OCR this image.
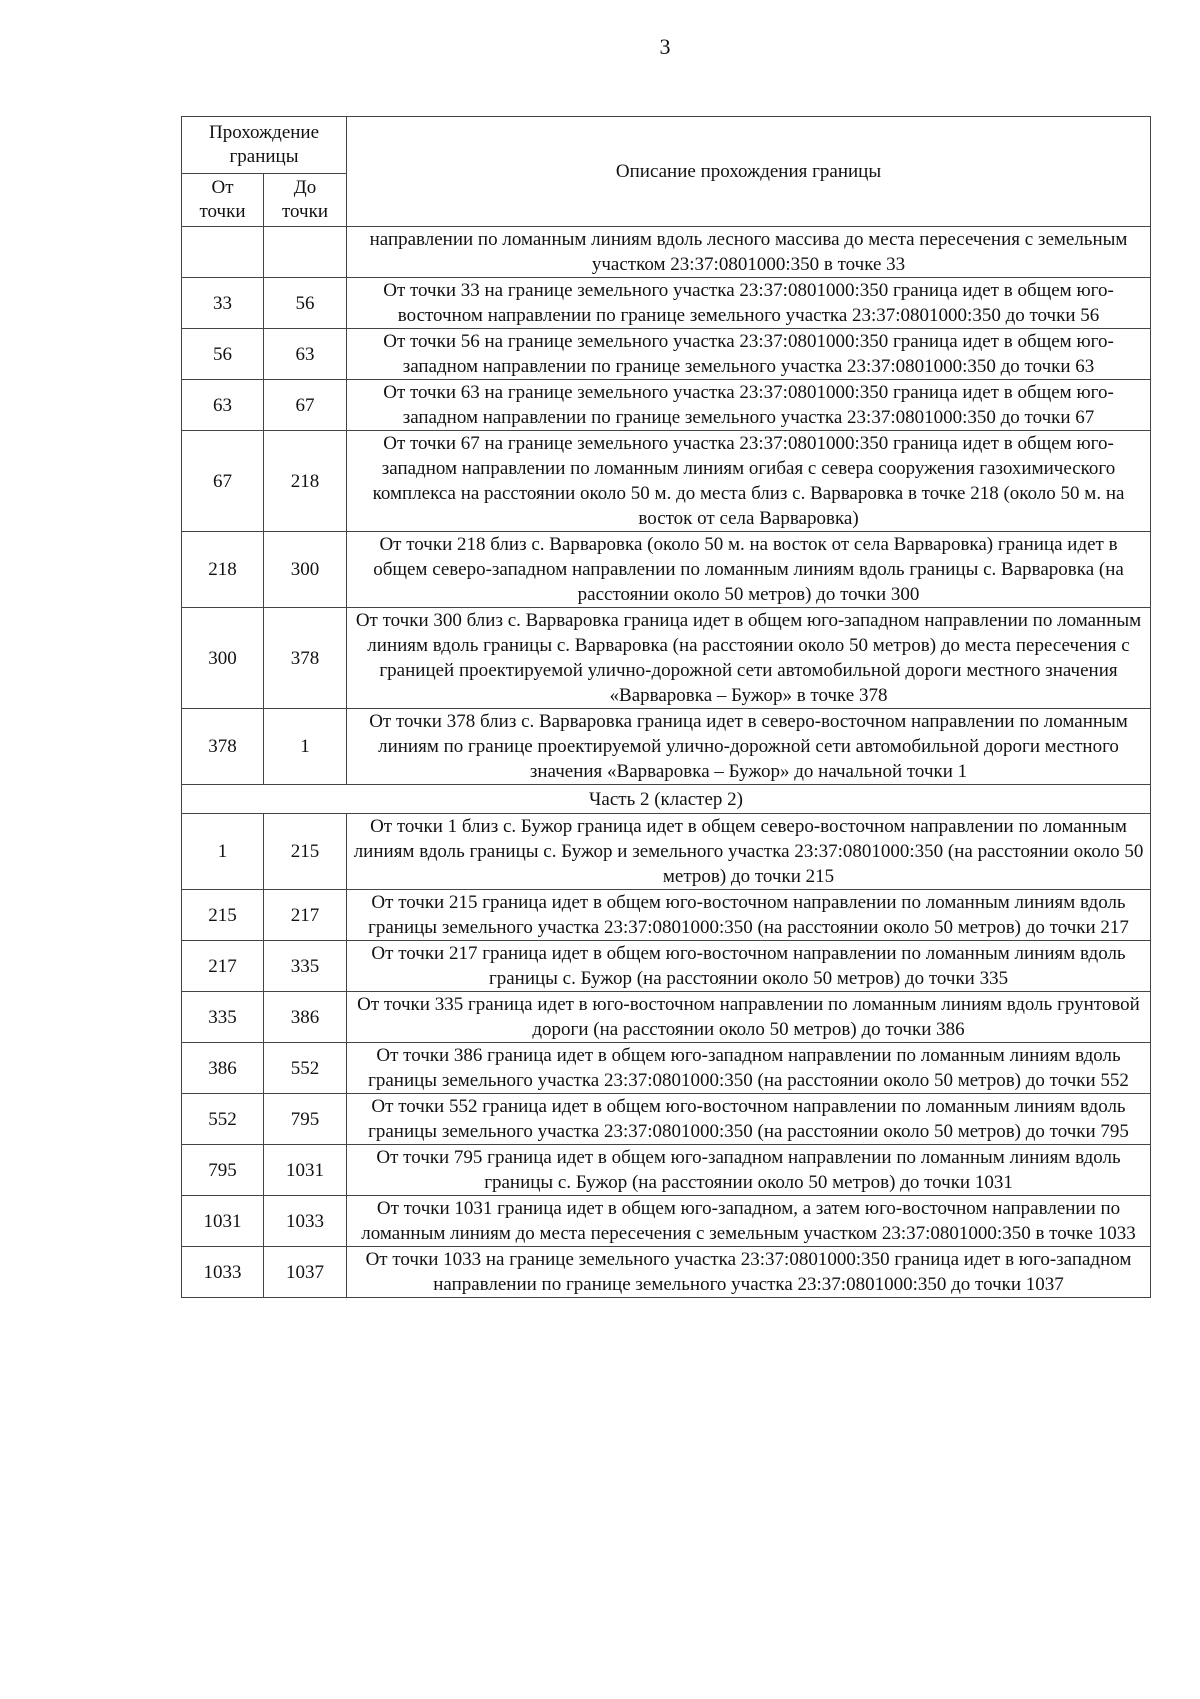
3
Прохождение границы		Описание прохождения границы
От точки	До точки	
		направлении по ломанным линиям вдоль лесного массива до места пересечения с земельным участком 23:37:0801000:350 в точке 33
33	56	От точки 33 на границе земельного участка 23:37:0801000:350 граница идет в общем юго-восточном направлении по границе земельного участка 23:37:0801000:350 до точки 56
56	63	От точки 56 на границе земельного участка 23:37:0801000:350 граница идет в общем юго-западном направлении по границе земельного участка 23:37:0801000:350 до точки 63
63	67	От точки 63 на границе земельного участка 23:37:0801000:350 граница идет в общем юго-западном направлении по границе земельного участка 23:37:0801000:350 до точки 67
67	218	От точки 67 на границе земельного участка 23:37:0801000:350 граница идет в общем юго-западном направлении по ломанным линиям огибая с севера сооружения газохимического комплекса на расстоянии около 50 м. до места близ с. Варваровка в точке 218 (около 50 м. на восток от села Варваровка)
218	300	От точки 218 близ с. Варваровка (около 50 м. на восток от села Варваровка) граница идет в общем северо-западном направлении по ломанным линиям вдоль границы с. Варваровка (на расстоянии около 50 метров) до точки 300
300	378	От точки 300 близ с. Варваровка граница идет в общем юго-западном направлении по ломанным линиям вдоль границы с. Варваровка (на расстоянии около 50 метров) до места пересечения с границей проектируемой улично-дорожной сети автомобильной дороги местного значения «Варваровка – Бужор» в точке 378
378	1	От точки 378 близ с. Варваровка граница идет в северо-восточном направлении по ломанным линиям по границе проектируемой улично-дорожной сети автомобильной дороги местного значения «Варваровка – Бужор» до начальной точки 1
Часть 2 (кластер 2)		
1	215	От точки 1 близ с. Бужор граница идет в общем северо-восточном направлении по ломанным линиям вдоль границы с. Бужор и земельного участка 23:37:0801000:350 (на расстоянии около 50 метров) до точки 215
215	217	От точки 215 граница идет в общем юго-восточном направлении по ломанным линиям вдоль границы земельного участка 23:37:0801000:350 (на расстоянии около 50 метров) до точки 217
217	335	От точки 217 граница идет в общем юго-восточном направлении по ломанным линиям вдоль границы с. Бужор (на расстоянии около 50 метров) до точки 335
335	386	От точки 335 граница идет в юго-восточном направлении по ломанным линиям вдоль грунтовой дороги (на расстоянии около 50 метров) до точки 386
386	552	От точки 386 граница идет в общем юго-западном направлении по ломанным линиям вдоль границы земельного участка 23:37:0801000:350 (на расстоянии около 50 метров) до точки 552
552	795	От точки 552 граница идет в общем юго-восточном направлении по ломанным линиям вдоль границы земельного участка 23:37:0801000:350 (на расстоянии около 50 метров) до точки 795
795	1031	От точки 795 граница идет в общем юго-западном направлении по ломанным линиям вдоль границы с. Бужор (на расстоянии около 50 метров) до точки 1031
1031	1033	От точки 1031 граница идет в общем юго-западном, а затем юго-восточном направлении по ломанным линиям до места пересечения с земельным участком 23:37:0801000:350 в точке 1033
1033	1037	От точки 1033 на границе земельного участка 23:37:0801000:350 граница идет в юго-западном направлении по границе земельного участка 23:37:0801000:350 до точки 1037
